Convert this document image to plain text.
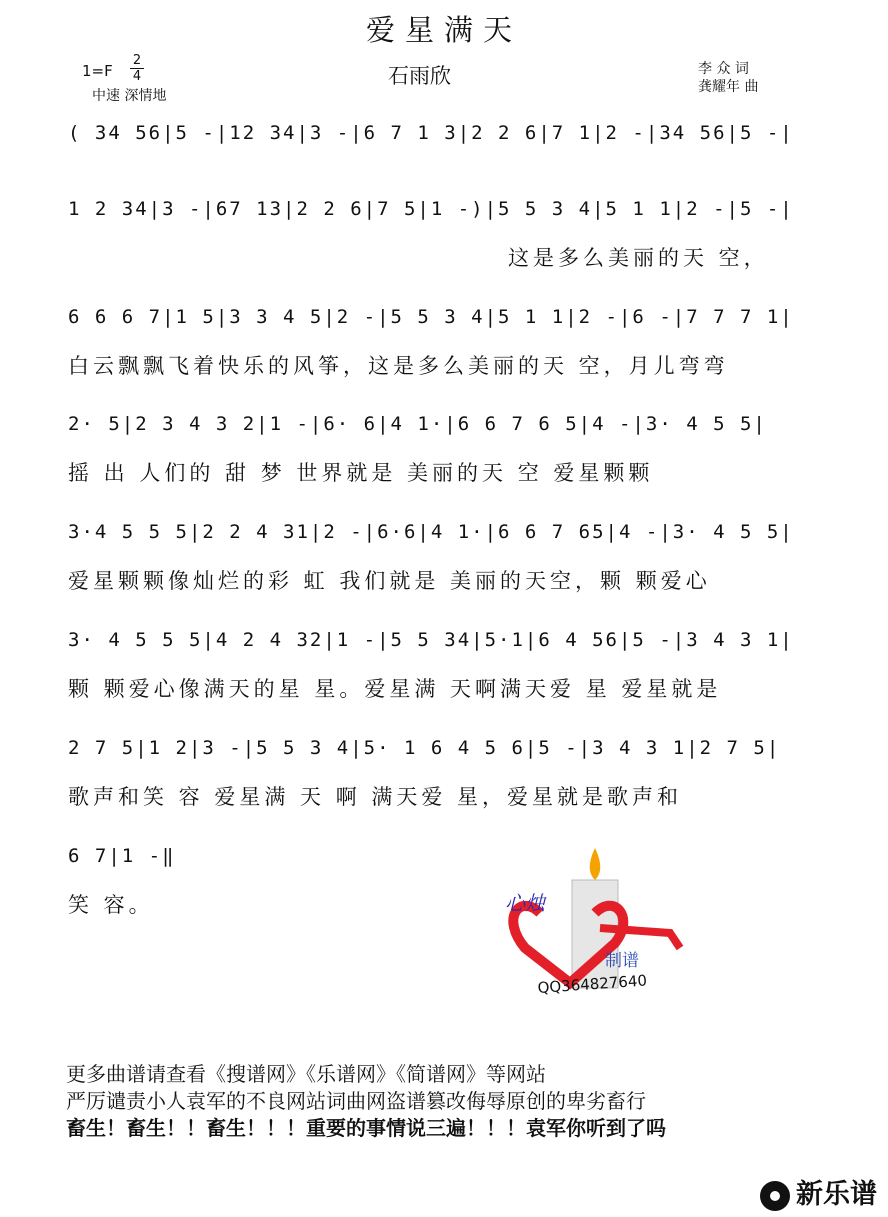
爱星满天
1=F
2
4
中速 深情地
石雨欣	李 众 词
龚耀年 曲
( 34 56|5 -|12 34|3 -|6 7 1 3|2 2 6|7 1|2 -|34 56|5 -|
1 2 34|3 -|67 13|2 2 6|7 5|1 -)|5 5 3 4|5 1 1|2 -|5 -|
这是多么美丽的天 空，
6 6 6 7|1 5|3 3 4 5|2 -|5 5 3 4|5 1 1|2 -|6 -|7 7 7 1|
白云飘飘飞着快乐的风筝，这是多么美丽的天 空，月儿弯弯
2· 5|2 3 4 3 2|1 -|6· 6|4 1·|6 6 7 6 5|4 -|3· 4 5 5|
摇 出 人们的 甜 梦 世界就是 美丽的天 空 爱星颗颗
3·4 5 5 5|2 2 4 31|2 -|6·6|4 1·|6 6 7 65|4 -|3· 4 5 5|
爱星颗颗像灿烂的彩 虹 我们就是 美丽的天空，颗 颗爱心
3· 4 5 5 5|4 2 4 32|1 -|5 5 34|5·1|6 4 56|5 -|3 4 3 1|
颗 颗爱心像满天的星 星。爱星满 天啊满天爱 星 爱星就是
2 7 5|1 2|3 -|5 5 3 4|5· 1 6 4 5 6|5 -|3 4 3 1|2 7 5|
歌声和笑 容 爱星满 天 啊 满天爱 星，爱星就是歌声和
6 7|1 -‖
笑 容。	心烛
制谱
QQ364827640
更多曲谱请查看《搜谱网》《乐谱网》《简谱网》等网站
严厉谴责小人袁军的不良网站词曲网盗谱篡改侮辱原创的卑劣畜行
畜生！畜生！！畜生！！！重要的事情说三遍！！！袁军你听到了吗
新乐谱
